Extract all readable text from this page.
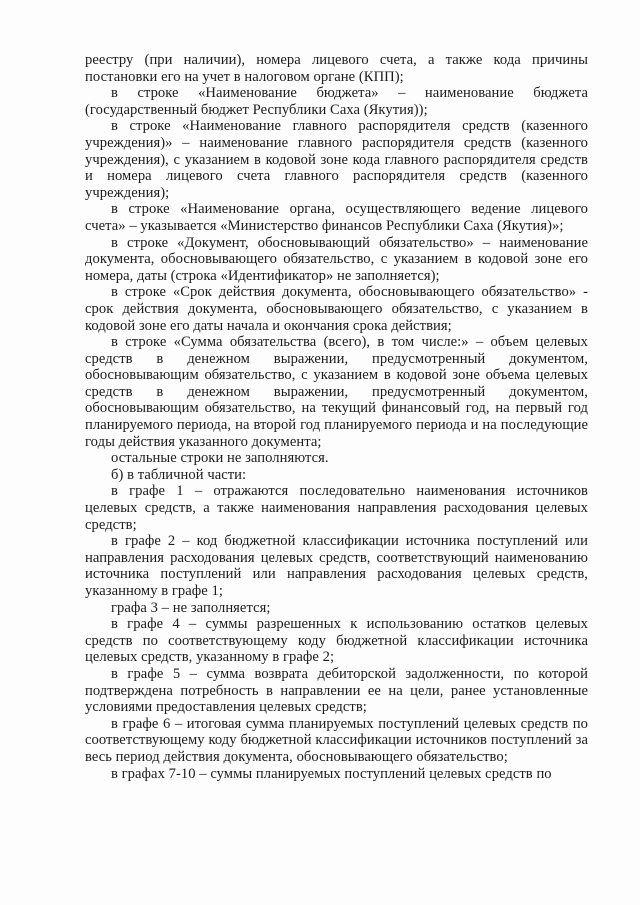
реестру (при наличии), номера лицевого счета, а также кода причины постановки его на учет в налоговом органе (КПП);

в строке «Наименование бюджета» – наименование бюджета (государственный бюджет Республики Саха (Якутия));

в строке «Наименование главного распорядителя средств (казенного учреждения)» – наименование главного распорядителя средств (казенного учреждения), с указанием в кодовой зоне кода главного распорядителя средств и номера лицевого счета главного распорядителя средств (казенного учреждения);

в строке «Наименование органа, осуществляющего ведение лицевого счета» – указывается «Министерство финансов Республики Саха (Якутия)»;

в строке «Документ, обосновывающий обязательство» – наименование документа, обосновывающего обязательство, с указанием в кодовой зоне его номера, даты (строка «Идентификатор» не заполняется);

в строке «Срок действия документа, обосновывающего обязательство» - срок действия документа, обосновывающего обязательство, с указанием в кодовой зоне его даты начала и окончания срока действия;

в строке «Сумма обязательства (всего), в том числе:» – объем целевых средств в денежном выражении, предусмотренный документом, обосновывающим обязательство, с указанием в кодовой зоне объема целевых средств в денежном выражении, предусмотренный документом, обосновывающим обязательство, на текущий финансовый год, на первый год планируемого периода, на второй год планируемого периода и на последующие годы действия указанного документа;

остальные строки не заполняются.

б) в табличной части:

в графе 1 – отражаются последовательно наименования источников целевых средств, а также наименования направления расходования целевых средств;

в графе 2 – код бюджетной классификации источника поступлений или направления расходования целевых средств, соответствующий наименованию источника поступлений или направления расходования целевых средств, указанному в графе 1;

графа 3 – не заполняется;

в графе 4 – суммы разрешенных к использованию остатков целевых средств по соответствующему коду бюджетной классификации источника целевых средств, указанному в графе 2;

в графе 5 – сумма возврата дебиторской задолженности, по которой подтверждена потребность в направлении ее на цели, ранее установленные условиями предоставления целевых средств;

в графе 6 – итоговая сумма планируемых поступлений целевых средств по соответствующему коду бюджетной классификации источников поступлений за весь период действия документа, обосновывающего обязательство;

в графах 7-10 – суммы планируемых поступлений целевых средств по
